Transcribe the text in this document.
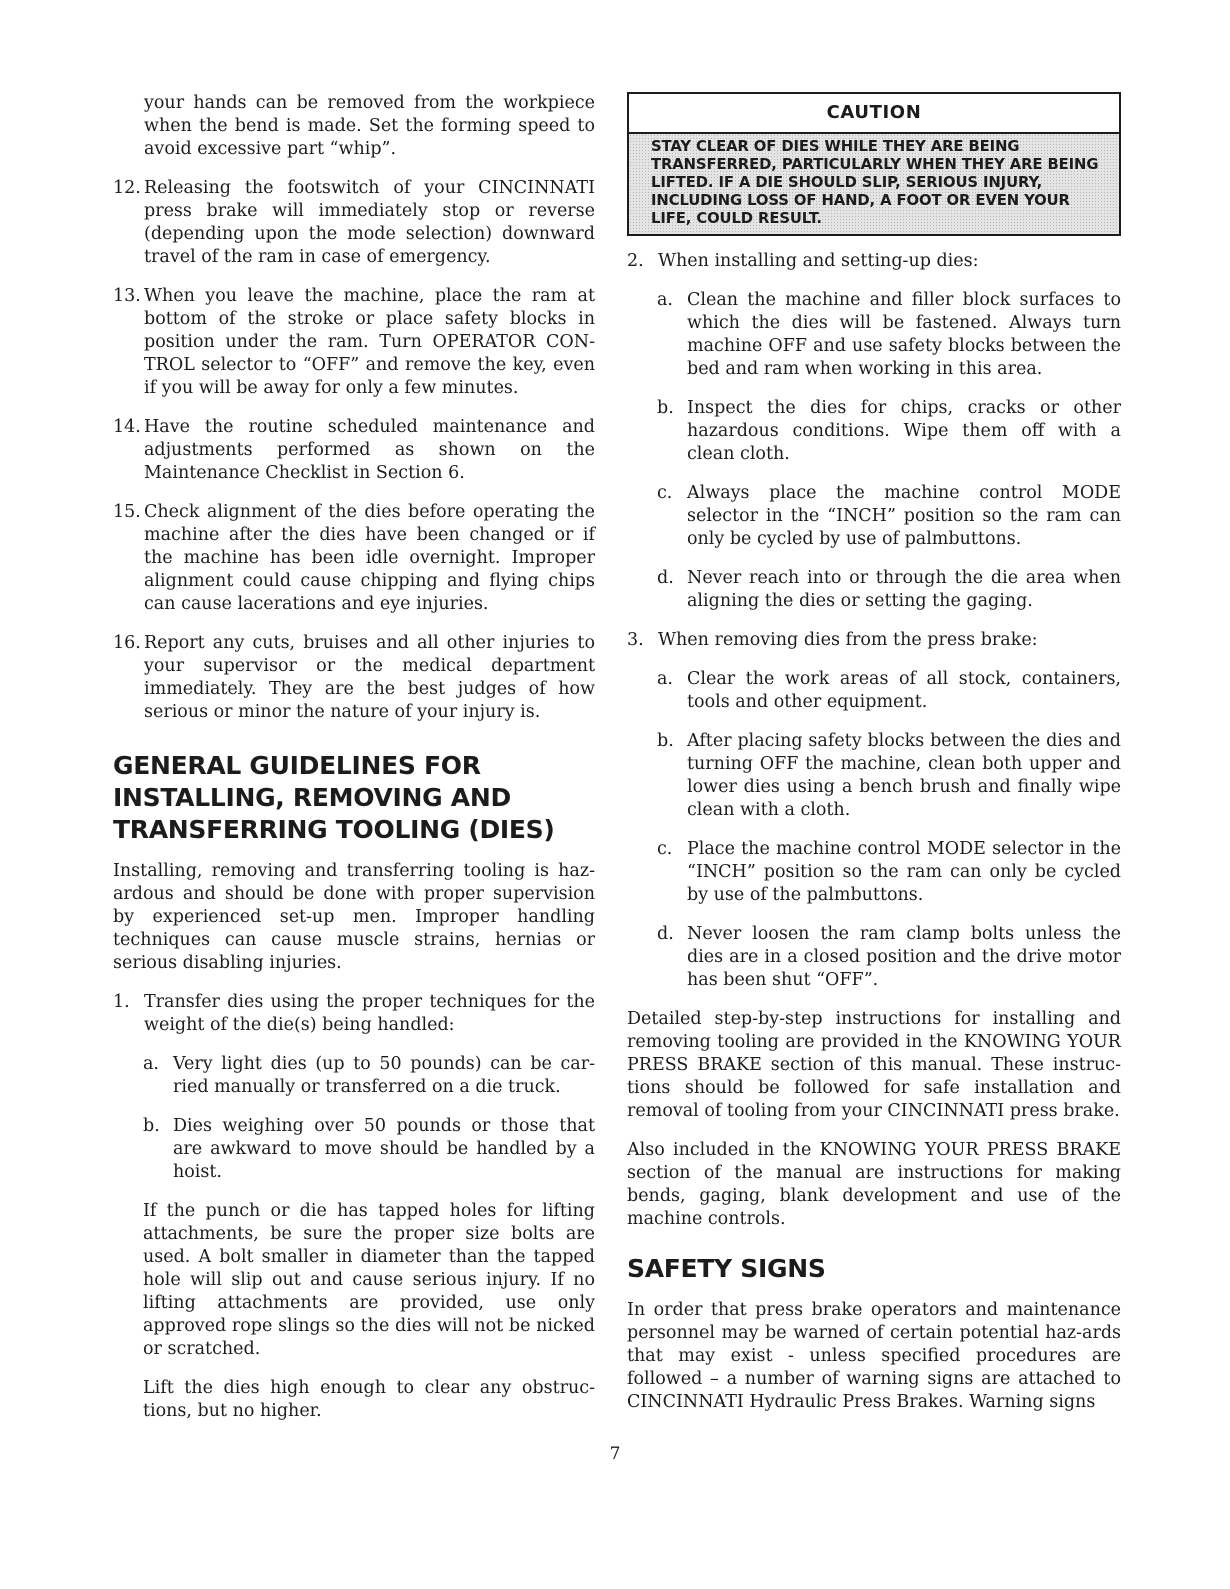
your hands can be removed from the workpiece when the bend is made. Set the forming speed to avoid excessive part “whip”.

12. Releasing the footswitch of your CINCINNATI press brake will immediately stop or reverse (depending upon the mode selection) downward travel of the ram in case of emergency.
13. When you leave the machine, place the ram at bottom of the stroke or place safety blocks in position under the ram. Turn OPERATOR CON-TROL selector to “OFF” and remove the key, even if you will be away for only a few minutes.
14. Have the routine scheduled maintenance and adjustments performed as shown on the Maintenance Checklist in Section 6.
15. Check alignment of the dies before operating the machine after the dies have been changed or if the machine has been idle overnight. Improper alignment could cause chipping and flying chips can cause lacerations and eye injuries.
16. Report any cuts, bruises and all other injuries to your supervisor or the medical department immediately. They are the best judges of how serious or minor the nature of your injury is.
GENERAL GUIDELINES FOR INSTALLING, REMOVING AND TRANSFERRING TOOLING (DIES)

Installing, removing and transferring tooling is haz-ardous and should be done with proper supervision by experienced set-up men. Improper handling techniques can cause muscle strains, hernias or serious disabling injuries.

1. Transfer dies using the proper techniques for the weight of the die(s) being handled:
a. Very light dies (up to 50 pounds) can be car-ried manually or transferred on a die truck.
b. Dies weighing over 50 pounds or those that are awkward to move should be handled by a hoist.

If the punch or die has tapped holes for lifting attachments, be sure the proper size bolts are used. A bolt smaller in diameter than the tapped hole will slip out and cause serious injury. If no lifting attachments are provided, use only approved rope slings so the dies will not be nicked or scratched.

Lift the dies high enough to clear any obstruc-tions, but no higher.

CAUTION
STAY CLEAR OF DIES WHILE THEY ARE BEING TRANSFERRED, PARTICULARLY WHEN THEY ARE BEING LIFTED. IF A DIE SHOULD SLIP, SERIOUS INJURY, INCLUDING LOSS OF HAND, A FOOT OR EVEN YOUR LIFE, COULD RESULT.
2. When installing and setting-up dies:
a. Clean the machine and filler block surfaces to which the dies will be fastened. Always turn machine OFF and use safety blocks between the bed and ram when working in this area.
b. Inspect the dies for chips, cracks or other hazardous conditions. Wipe them off with a clean cloth.
c. Always place the machine control MODE selector in the “INCH” position so the ram can only be cycled by use of palmbuttons.
d. Never reach into or through the die area when aligning the dies or setting the gaging.
3. When removing dies from the press brake:
a. Clear the work areas of all stock, containers, tools and other equipment.
b. After placing safety blocks between the dies and turning OFF the machine, clean both upper and lower dies using a bench brush and finally wipe clean with a cloth.
c. Place the machine control MODE selector in the “INCH” position so the ram can only be cycled by use of the palmbuttons.
d. Never loosen the ram clamp bolts unless the dies are in a closed position and the drive motor has been shut “OFF”.

Detailed step-by-step instructions for installing and removing tooling are provided in the KNOWING YOUR PRESS BRAKE section of this manual. These instruc-tions should be followed for safe installation and removal of tooling from your CINCINNATI press brake.

Also included in the KNOWING YOUR PRESS BRAKE section of the manual are instructions for making bends, gaging, blank development and use of the machine controls.

SAFETY SIGNS

In order that press brake operators and maintenance personnel may be warned of certain potential haz-ards that may exist - unless specified procedures are followed – a number of warning signs are attached to CINCINNATI Hydraulic Press Brakes. Warning signs

7
